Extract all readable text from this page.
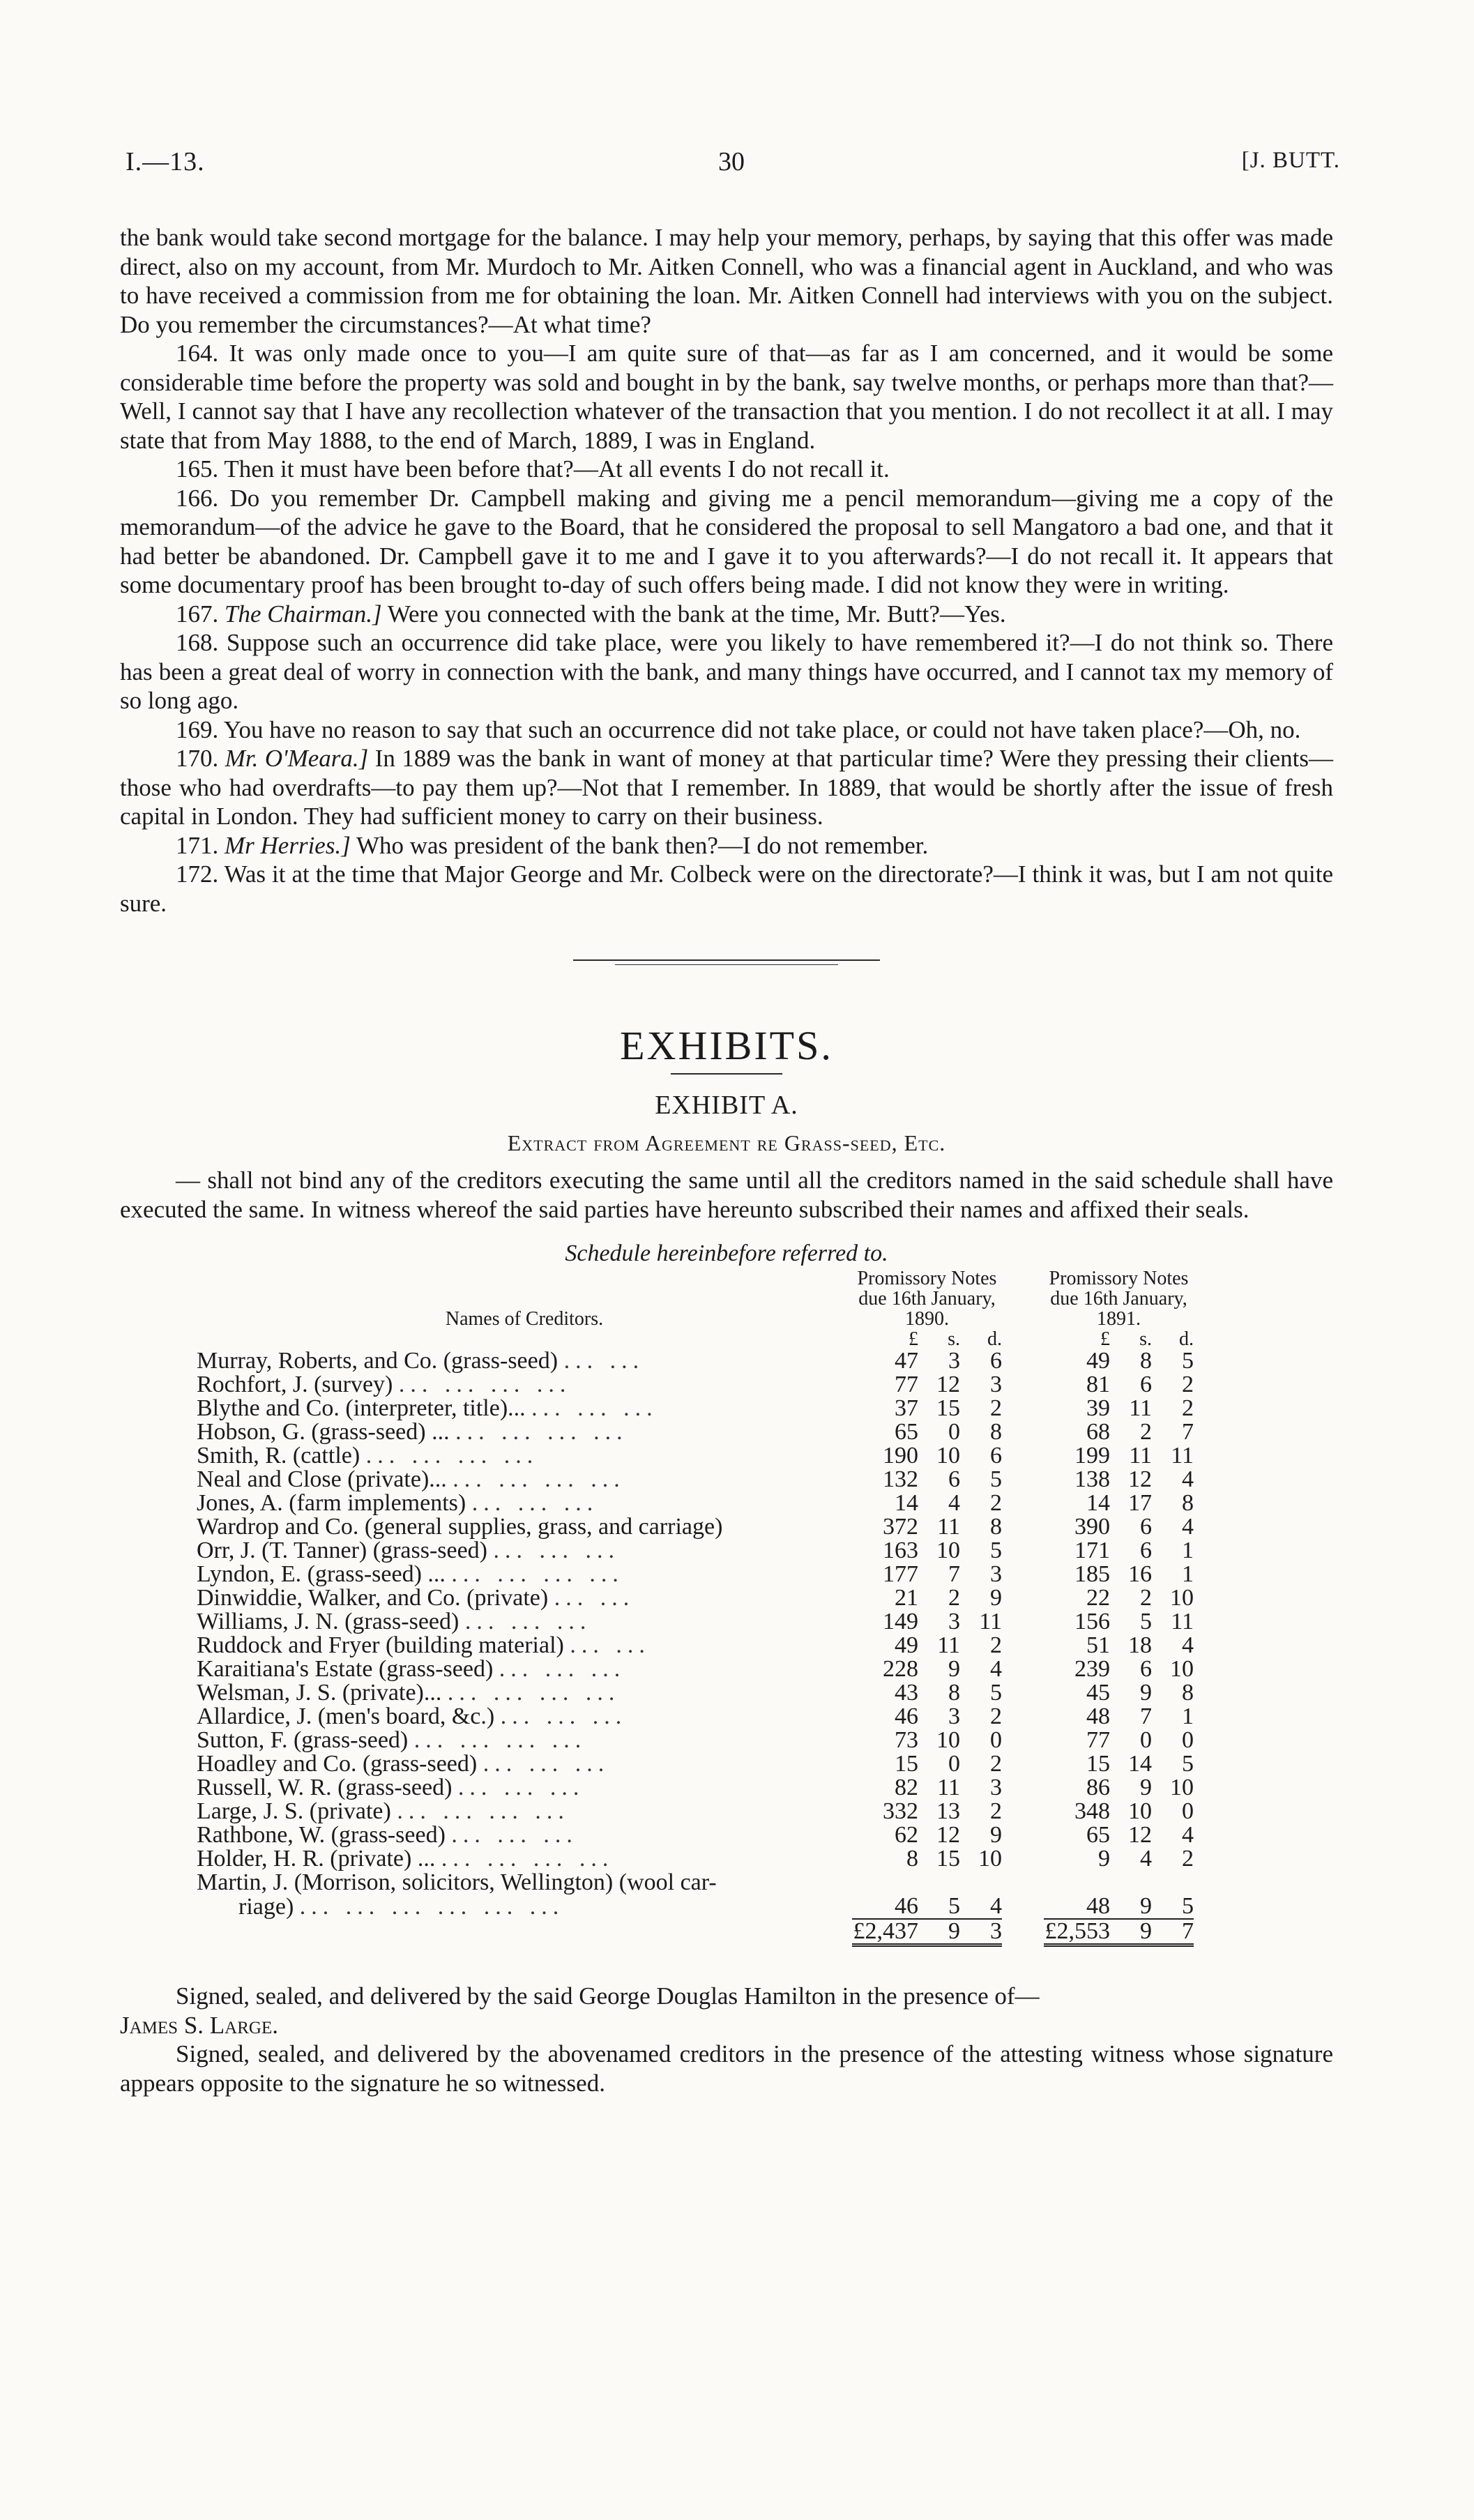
I.—13.	30	[J. BUTT.

the bank would take second mortgage for the balance. I may help your memory, perhaps, by saying that this offer was made direct, also on my account, from Mr. Murdoch to Mr. Aitken Connell, who was a financial agent in Auckland, and who was to have received a commission from me for obtaining the loan. Mr. Aitken Connell had interviews with you on the subject. Do you remember the circumstances?—At what time?

164. It was only made once to you—I am quite sure of that—as far as I am concerned, and it would be some considerable time before the property was sold and bought in by the bank, say twelve months, or perhaps more than that?—Well, I cannot say that I have any recollection whatever of the transaction that you mention. I do not recollect it at all. I may state that from May 1888, to the end of March, 1889, I was in England.

165. Then it must have been before that?—At all events I do not recall it.

166. Do you remember Dr. Campbell making and giving me a pencil memorandum—giving me a copy of the memorandum—of the advice he gave to the Board, that he considered the proposal to sell Mangatoro a bad one, and that it had better be abandoned. Dr. Campbell gave it to me and I gave it to you afterwards?—I do not recall it. It appears that some documentary proof has been brought to-day of such offers being made. I did not know they were in writing.

167. The Chairman.] Were you connected with the bank at the time, Mr. Butt?—Yes.

168. Suppose such an occurrence did take place, were you likely to have remembered it?—I do not think so. There has been a great deal of worry in connection with the bank, and many things have occurred, and I cannot tax my memory of so long ago.

169. You have no reason to say that such an occurrence did not take place, or could not have taken place?—Oh, no.

170. Mr. O'Meara.] In 1889 was the bank in want of money at that particular time? Were they pressing their clients—those who had overdrafts—to pay them up?—Not that I remember. In 1889, that would be shortly after the issue of fresh capital in London. They had sufficient money to carry on their business.

171. Mr Herries.] Who was president of the bank then?—I do not remember.

172. Was it at the time that Major George and Mr. Colbeck were on the directorate?—I think it was, but I am not quite sure.

EXHIBITS.
EXHIBIT A.
Extract from Agreement re Grass-seed, Etc.

— shall not bind any of the creditors executing the same until all the creditors named in the said schedule shall have executed the same. In witness whereof the said parties have hereunto subscribed their names and affixed their seals.

Schedule hereinbefore referred to.
Names of Creditors.	Promissory Notes due 16th January, 1890.				Promissory Notes due 16th January, 1891.		
	£	s.	d.		£	s.	d.
Murray, Roberts, and Co. (grass-seed) ... ...	47	3	6		49	8	5
Rochfort, J. (survey) ... ... ... ...	77	12	3		81	6	2
Blythe and Co. (interpreter, title)... ... ... ...	37	15	2		39	11	2
Hobson, G. (grass-seed) ... ... ... ... ...	65	0	8		68	2	7
Smith, R. (cattle) ... ... ... ...	190	10	6		199	11	11
Neal and Close (private)... ... ... ... ...	132	6	5		138	12	4
Jones, A. (farm implements) ... ... ...	14	4	2		14	17	8
Wardrop and Co. (general supplies, grass, and carriage)	372	11	8		390	6	4
Orr, J. (T. Tanner) (grass-seed) ... ... ...	163	10	5		171	6	1
Lyndon, E. (grass-seed) ... ... ... ... ...	177	7	3		185	16	1
Dinwiddie, Walker, and Co. (private) ... ...	21	2	9		22	2	10
Williams, J. N. (grass-seed) ... ... ...	149	3	11		156	5	11
Ruddock and Fryer (building material) ... ...	49	11	2		51	18	4
Karaitiana's Estate (grass-seed) ... ... ...	228	9	4		239	6	10
Welsman, J. S. (private)... ... ... ... ...	43	8	5		45	9	8
Allardice, J. (men's board, &c.) ... ... ...	46	3	2		48	7	1
Sutton, F. (grass-seed) ... ... ... ...	73	10	0		77	0	0
Hoadley and Co. (grass-seed) ... ... ...	15	0	2		15	14	5
Russell, W. R. (grass-seed) ... ... ...	82	11	3		86	9	10
Large, J. S. (private) ... ... ... ...	332	13	2		348	10	0
Rathbone, W. (grass-seed) ... ... ...	62	12	9		65	12	4
Holder, H. R. (private) ... ... ... ... ...	8	15	10		9	4	2
Martin, J. (Morrison, solicitors, Wellington) (wool car-							
riage) ... ... ... ... ... ...	46	5	4		48	9	5
	£2,437	9	3		£2,553	9	7

Signed, sealed, and delivered by the said George Douglas Hamilton in the presence of—

James S. Large.

Signed, sealed, and delivered by the abovenamed creditors in the presence of the attesting witness whose signature appears opposite to the signature he so witnessed.
